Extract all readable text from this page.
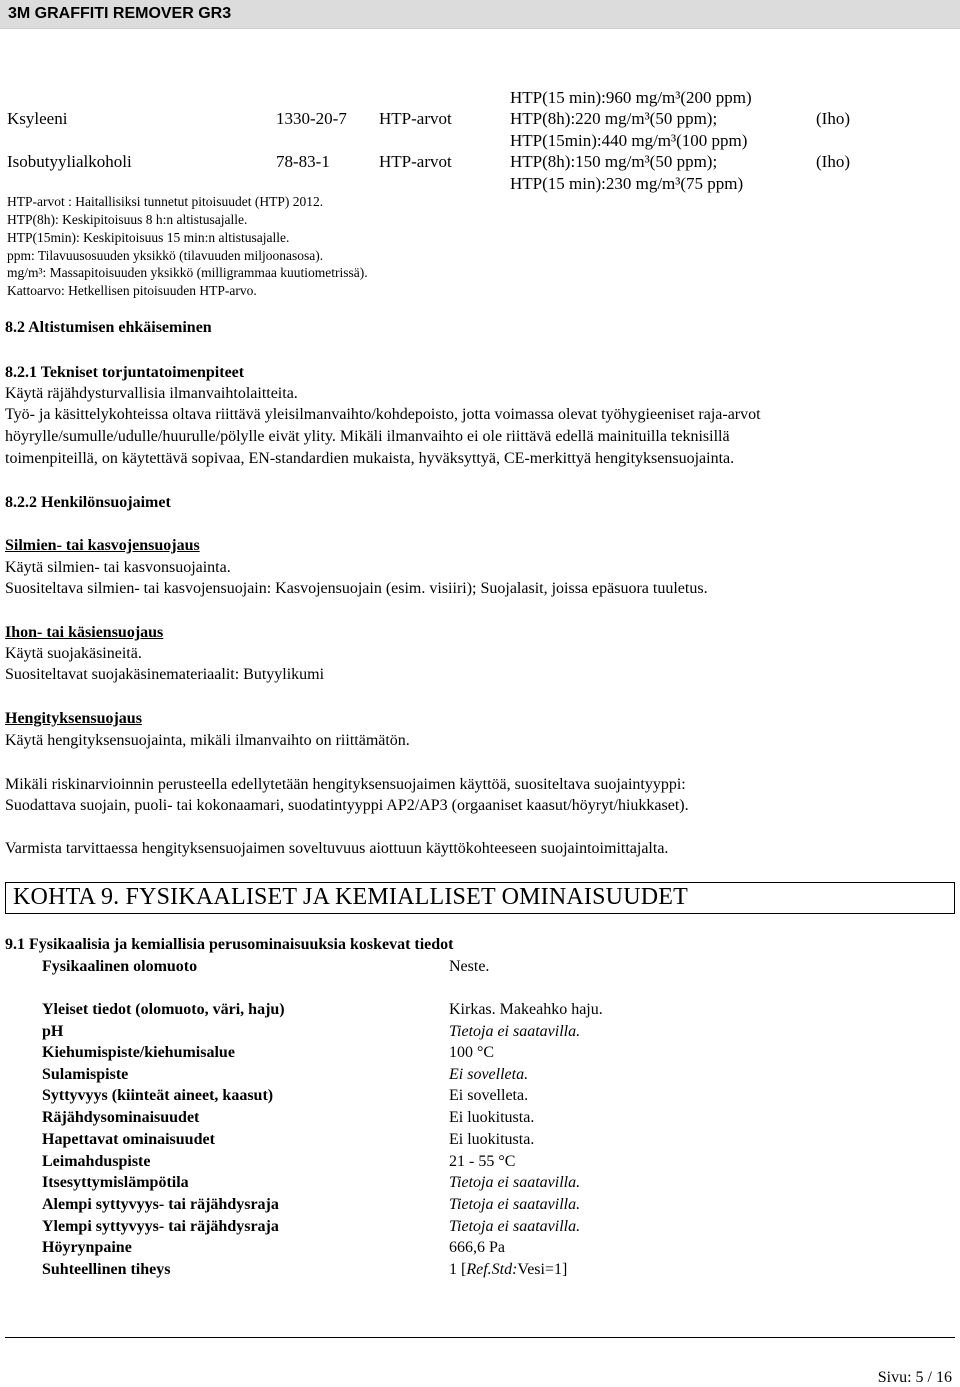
3M GRAFFITI REMOVER GR3
HTP(15 min):960 mg/m³(200 ppm)
Ksyleeni	1330-20-7 HTP-arvot	HTP(8h):220 mg/m³(50 ppm);	(Iho)
HTP(15min):440 mg/m³(100 ppm)
Isobutyylialkoholi	78-83-1	HTP-arvot	HTP(8h):150 mg/m³(50 ppm);	(Iho)
HTP(15 min):230 mg/m³(75 ppm)
HTP-arvot : Haitallisiksi tunnetut pitoisuudet (HTP) 2012.
HTP(8h): Keskipitoisuus 8 h:n altistusajalle.
HTP(15min): Keskipitoisuus 15 min:n altistusajalle.
ppm: Tilavuusosuuden yksikkö (tilavuuden miljoonasosa).
mg/m³: Massapitoisuuden yksikkö (milligrammaa kuutiometrissä).
Kattoarvo: Hetkellisen pitoisuuden HTP-arvo.
8.2 Altistumisen ehkäiseminen
8.2.1 Tekniset torjuntatoimenpiteet
Käytä räjähdysturvallisia ilmanvaihtolaitteita.
Työ- ja käsittelykohteissa oltava riittävä yleisilmanvaihto/kohdepoisto, jotta voimassa olevat työhygieeniset raja-arvot
höyrylle/sumulle/udulle/huurulle/pölylle eivät ylity. Mikäli ilmanvaihto ei ole riittävä edellä mainituilla teknisillä
toimenpiteillä, on käytettävä sopivaa, EN-standardien mukaista, hyväksyttyä, CE-merkittyä hengityksensuojainta.
8.2.2 Henkilönsuojaimet
Silmien- tai kasvojensuojaus
Käytä silmien- tai kasvonsuojainta.
Suositeltava silmien- tai kasvojensuojain: Kasvojensuojain (esim. visiiri); Suojalasit, joissa epäsuora tuuletus.
Ihon- tai käsiensuojaus
Käytä suojakäsineitä.
Suositeltavat suojakäsinemateriaalit: Butyylikumi
Hengityksensuojaus
Käytä hengityksensuojainta, mikäli ilmanvaihto on riittämätön.
Mikäli riskinarvioinnin perusteella edellytetään hengityksensuojaimen käyttöä, suositeltava suojaintyyppi:
Suodattava suojain, puoli- tai kokonaamari, suodatintyyppi AP2/AP3 (orgaaniset kaasut/höyryt/hiukkaset).
Varmista tarvittaessa hengityksensuojaimen soveltuvuus aiottuun käyttökohteeseen suojaintoimittajalta.
KOHTA 9. FYSIKAALISET JA KEMIALLISET OMINAISUUDET
9.1 Fysikaalisia ja kemiallisia perusominaisuuksia koskevat tiedot
Fysikaalinen olomuoto	Neste.
Yleiset tiedot (olomuoto, väri, haju)	Kirkas. Makeahko haju.
pH	Tietoja ei saatavilla.
Kiehumispiste/kiehumisalue	100 °C
Sulamispiste	Ei sovelleta.
Syttyvyys (kiinteät aineet, kaasut)	Ei sovelleta.
Räjähdysominaisuudet	Ei luokitusta.
Hapettavat ominaisuudet	Ei luokitusta.
Leimahduspiste	21 - 55 °C
Itsesyttymislämpötila	Tietoja ei saatavilla.
Alempi syttyvyys- tai räjähdysraja	Tietoja ei saatavilla.
Ylempi syttyvyys- tai räjähdysraja	Tietoja ei saatavilla.
Höyrynpaine	666,6 Pa
Suhteellinen tiheys	1 [Ref.Std:Vesi=1]
Sivu: 5 / 16
